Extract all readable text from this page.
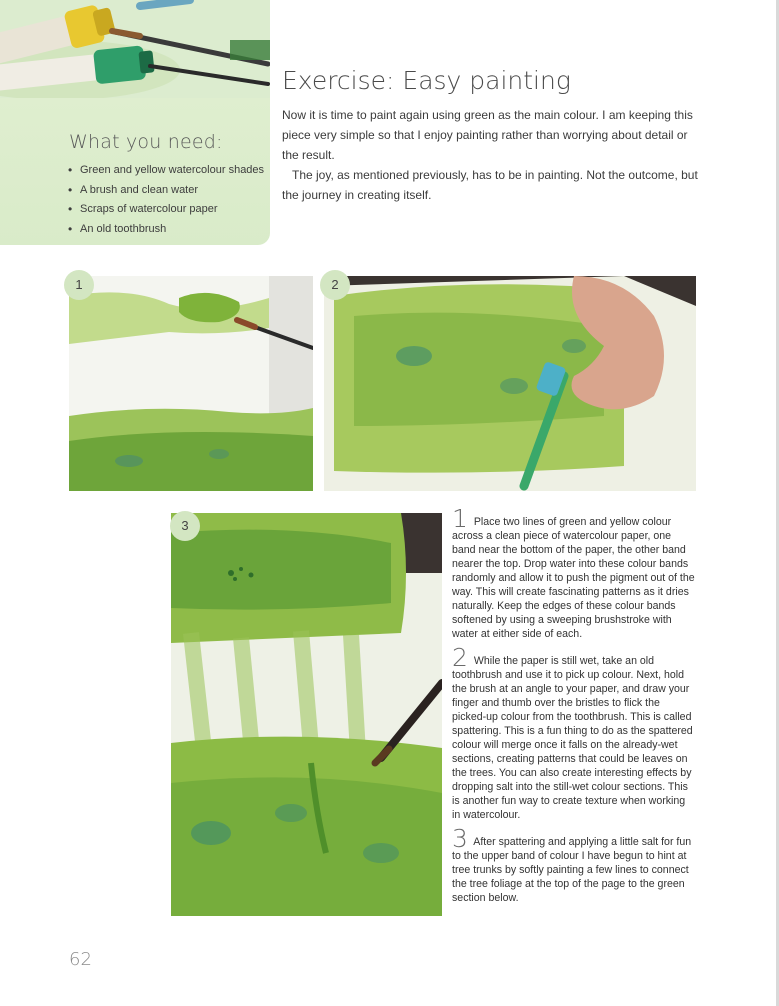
What you need:
• Green and yellow watercolour shades
• A brush and clean water
• Scraps of watercolour paper
• An old toothbrush
Exercise: Easy painting

Now it is time to paint again using green as the main colour. I am keeping this piece very simple so that I enjoy painting rather than worrying about detail or the result.

The joy, as mentioned previously, has to be in painting. Not the outcome, but the journey in creating itself.

1	2
3	1 Place two lines of green and yellow colour across a clean piece of watercolour paper, one band near the bottom of the paper, the other band nearer the top. Drop water into these colour bands randomly and allow it to push the pigment out of the way. This will create fascinating patterns as it dries naturally. Keep the edges of these colour bands softened by using a sweeping brushstroke with water at either side of each.

2 While the paper is still wet, take an old toothbrush and use it to pick up colour. Next, hold the brush at an angle to your paper, and draw your finger and thumb over the bristles to flick the picked-up colour from the toothbrush. This is called spattering. This is a fun thing to do as the spattered colour will merge once it falls on the already-wet sections, creating patterns that could be leaves on the trees. You can also create interesting effects by dropping salt into the still-wet colour sections. This is another fun way to create texture when working in watercolour.

3 After spattering and applying a little salt for fun to the upper band of colour I have begun to hint at tree trunks by softly painting a few lines to connect the tree foliage at the top of the page to the green section below.

62
